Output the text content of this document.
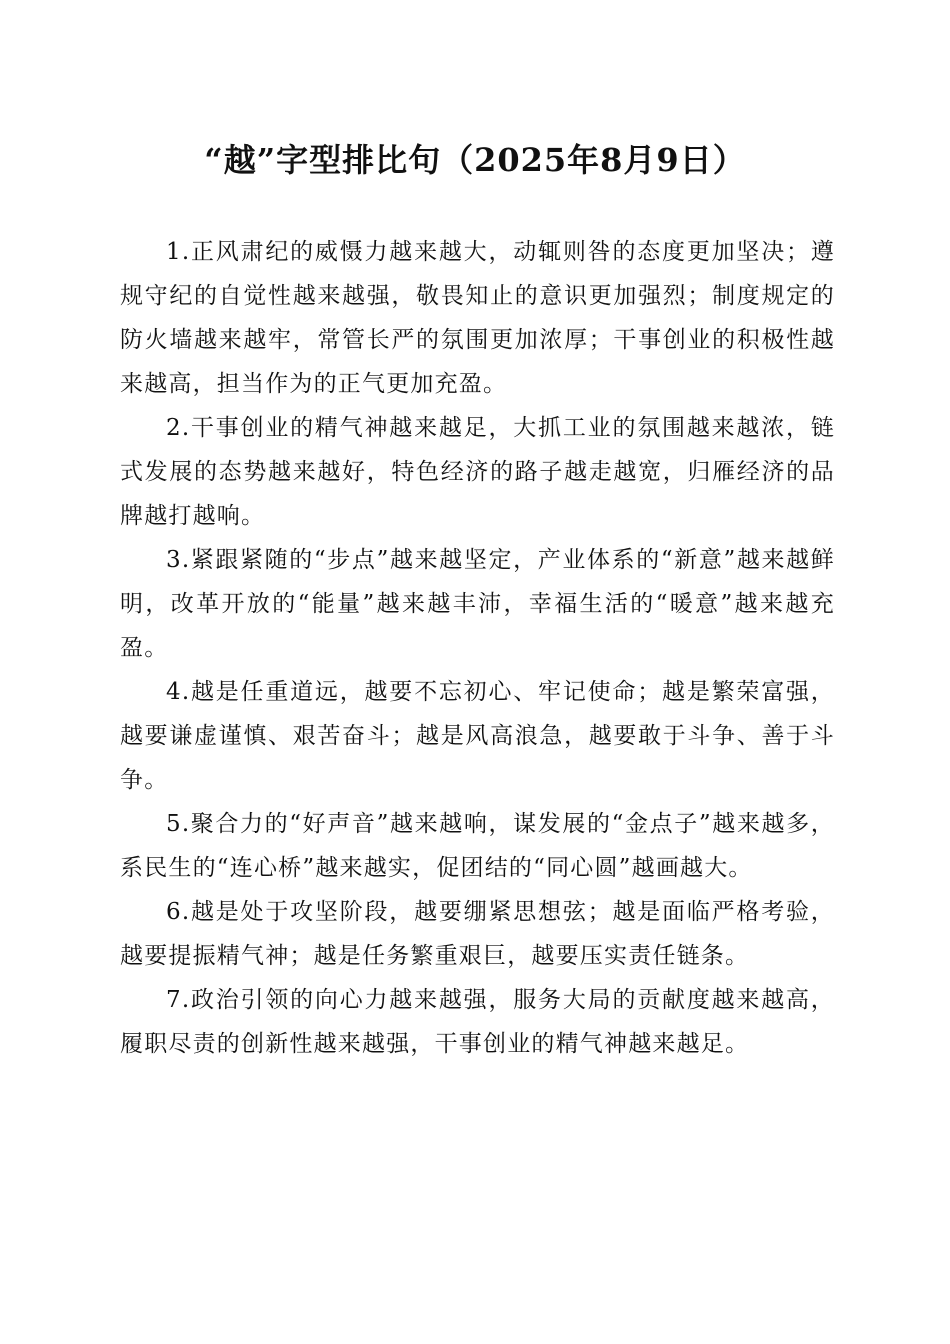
“越”字型排比句（2025年8月9日）

1.正风肃纪的威慑力越来越大，动辄则咎的态度更加坚决；遵规守纪的自觉性越来越强，敬畏知止的意识更加强烈；制度规定的防火墙越来越牢，常管长严的氛围更加浓厚；干事创业的积极性越来越高，担当作为的正气更加充盈。

2.干事创业的精气神越来越足，大抓工业的氛围越来越浓，链式发展的态势越来越好，特色经济的路子越走越宽，归雁经济的品牌越打越响。

3.紧跟紧随的“步点”越来越坚定，产业体系的“新意”越来越鲜明，改革开放的“能量”越来越丰沛，幸福生活的“暖意”越来越充盈。

4.越是任重道远，越要不忘初心、牢记使命；越是繁荣富强，越要谦虚谨慎、艰苦奋斗；越是风高浪急，越要敢于斗争、善于斗争。

5.聚合力的“好声音”越来越响，谋发展的“金点子”越来越多，系民生的“连心桥”越来越实，促团结的“同心圆”越画越大。

6.越是处于攻坚阶段，越要绷紧思想弦；越是面临严格考验，越要提振精气神；越是任务繁重艰巨，越要压实责任链条。

7.政治引领的向心力越来越强，服务大局的贡献度越来越高，履职尽责的创新性越来越强，干事创业的精气神越来越足。
